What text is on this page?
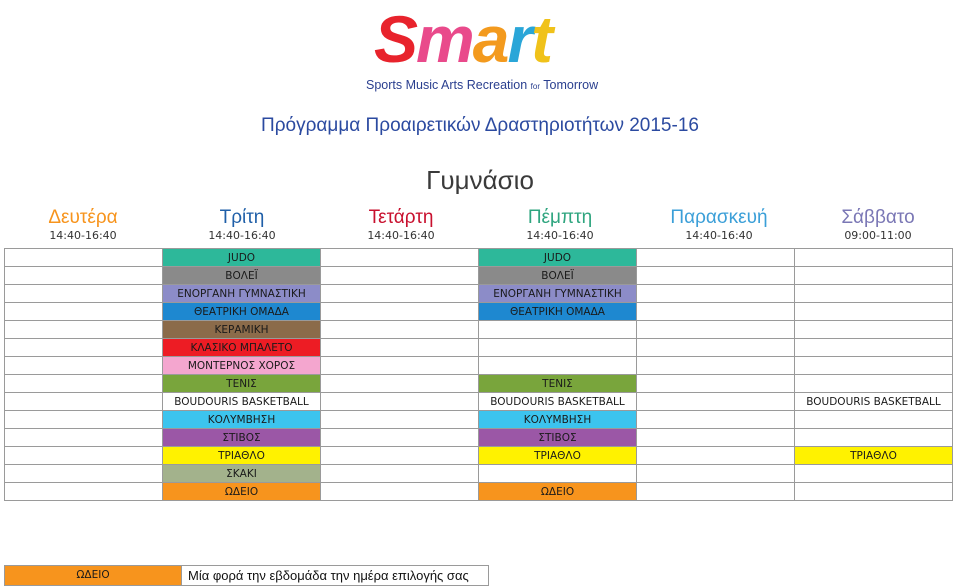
Smart
Sports Music Arts Recreation for Tomorrow
Πρόγραμμα Προαιρετικών Δραστηριοτήτων 2015-16
Γυμνάσιο
Δευτέρα
14:40-16:40
Τρίτη
14:40-16:40
Τετάρτη
14:40-16:40
Πέμπτη
14:40-16:40
Παρασκευή
14:40-16:40
Σάββατο
09:00-11:00
	JUDO		JUDO		
	ΒΟΛΕΪ		ΒΟΛΕΪ		
	ΕΝΟΡΓΑΝΗ ΓΥΜΝΑΣΤΙΚΗ		ΕΝΟΡΓΑΝΗ ΓΥΜΝΑΣΤΙΚΗ		
	ΘΕΑΤΡΙΚΗ ΟΜΑΔΑ		ΘΕΑΤΡΙΚΗ ΟΜΑΔΑ		
	ΚΕΡΑΜΙΚΗ				
	ΚΛΑΣΙΚΟ ΜΠΑΛΕΤΟ				
	ΜΟΝΤΕΡΝΟΣ ΧΟΡΟΣ				
	ΤΕΝΙΣ		ΤΕΝΙΣ		
	BOUDOURIS BASKETBALL		BOUDOURIS BASKETBALL		BOUDOURIS BASKETBALL
	ΚΟΛΥΜΒΗΣΗ		ΚΟΛΥΜΒΗΣΗ		
	ΣΤΙΒΟΣ		ΣΤΙΒΟΣ		
	ΤΡΙΑΘΛΟ		ΤΡΙΑΘΛΟ		ΤΡΙΑΘΛΟ
	ΣΚΑΚΙ				
	ΩΔΕΙΟ		ΩΔΕΙΟ		
ΩΔΕΙΟ	Μία φορά την εβδομάδα την ημέρα επιλογής σας
